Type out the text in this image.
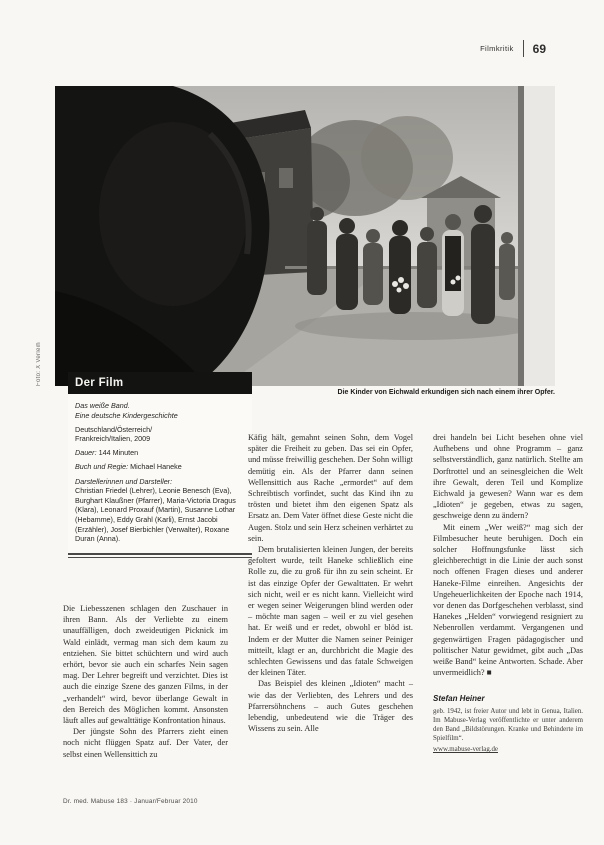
Filmkritik 69
Foto: X Verleih
Die Kinder von Eichwald erkundigen sich nach einem ihrer Opfer.
Der Film

Das weiße Band.

Eine deutsche Kindergeschichte

Deutschland/Österreich/

Frankreich/Italien, 2009

Dauer: 144 Minuten

Buch und Regie: Michael Haneke

Darstellerinnen und Darsteller:

Christian Friedel (Lehrer), Leonie Benesch (Eva), Burghart Klaußner (Pfarrer), Maria-Victoria Dragus (Klara), Leonard Proxauf (Martin), Susanne Lothar (Hebamme), Eddy Grahl (Karli), Ernst Jacobi (Erzähler), Josef Bierbichler (Verwalter), Roxane Duran (Anna).

Die Liebesszenen schlagen den Zuschauer in ihren Bann. Als der Verliebte zu einem unauffälligen, doch zweideutigen Picknick im Wald einlädt, vermag man sich dem kaum zu entziehen. Sie bittet schüchtern und wird auch erhört, bevor sie auch ein scharfes Nein sagen mag. Der Lehrer begreift und verzichtet. Dies ist auch die einzige Szene des ganzen Films, in der „verhandelt“ wird, bevor überlange Gewalt in den Bereich des Möglichen kommt. Ansonsten läuft alles auf gewalttätige Konfrontation hinaus.

Der jüngste Sohn des Pfarrers zieht einen noch nicht flüggen Spatz auf. Der Vater, der selbst einen Wellensittich zu

Käfig hält, gemahnt seinen Sohn, dem Vogel später die Freiheit zu geben. Das sei ein Opfer, und müsse freiwillig geschehen. Der Sohn willigt demütig ein. Als der Pfarrer dann seinen Wellensittich aus Rache „ermordet“ auf dem Schreibtisch vorfindet, sucht das Kind ihn zu trösten und bietet ihm den eigenen Spatz als Ersatz an. Dem Vater öffnet diese Geste nicht die Augen. Stolz und sein Herz scheinen verhärtet zu sein.

Dem brutalisierten kleinen Jungen, der bereits gefoltert wurde, teilt Haneke schließlich eine Rolle zu, die zu groß für ihn zu sein scheint. Er ist das einzige Opfer der Gewalttaten. Er wehrt sich nicht, weil er es nicht kann. Vielleicht wird er wegen seiner Weigerungen blind werden oder – möchte man sagen – weil er zu viel gesehen hat. Er weiß und er redet, obwohl er blöd ist. Indem er der Mutter die Namen seiner Peiniger mitteilt, klagt er an, durchbricht die Magie des schlechten Gewissens und das fatale Schweigen der kleinen Täter.

Das Beispiel des kleinen „Idioten“ macht – wie das der Verliebten, des Lehrers und des Pfarrersöhnchens – auch Gutes geschehen lebendig, unbedeutend wie die Träger des Wissens zu sein. Alle

drei handeln bei Licht besehen ohne viel Aufhebens und ohne Programm – ganz selbstverständlich, ganz natürlich. Stellte am Dorftrottel und an seinesgleichen die Welt ihre Gewalt, deren Teil und Komplize Eichwald ja gewesen? Wann war es dem „Idioten“ je gegeben, etwas zu sagen, geschweige denn zu ändern?

Mit einem „Wer weiß?“ mag sich der Filmbesucher heute beruhigen. Doch ein solcher Hoffnungsfunke lässt sich gleichberechtigt in die Linie der auch sonst noch offenen Fragen dieses und anderer Haneke-Filme einreihen. Angesichts der Ungeheuerlichkeiten der Epoche nach 1914, vor denen das Dorfgeschehen verblasst, sind Hanekes „Helden“ vorwiegend resigniert zu Nebenrollen verdammt. Vergangenen und gegenwärtigen Fragen pädagogischer und politischer Natur gewidmet, gibt auch „Das weiße Band“ keine Antworten. Schade. Aber unvermeidlich? ■

Stefan Heiner
geb. 1942, ist freier Autor und lebt in Genua, Italien. Im Mabuse-Verlag veröffentlichte er unter anderem den Band „Bildstörungen. Kranke und Behinderte im Spielfilm“.
www.mabuse-verlag.de
Dr. med. Mabuse 183 · Januar/Februar 2010
